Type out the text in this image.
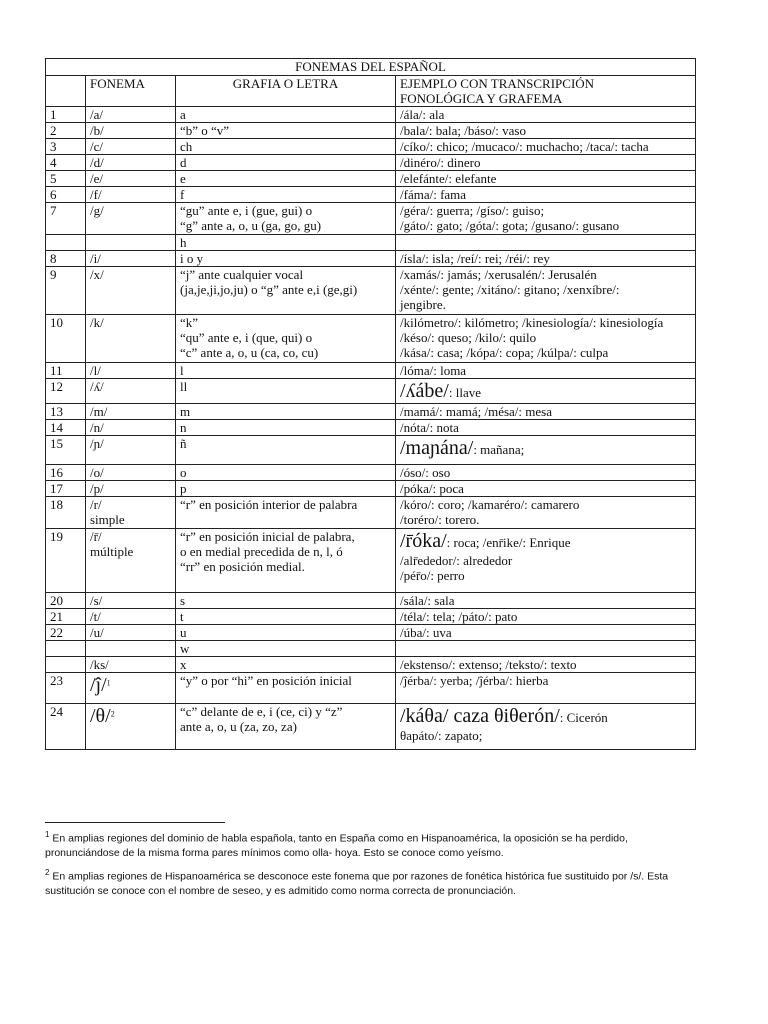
FONEMAS DEL ESPAÑOL			
	FONEMA	GRAFIA O LETRA	EJEMPLO CON TRANSCRIPCIÓN
FONOLÓGICA Y GRAFEMA

1	/a/	a	/ála/: ala
2	/b/	“b” o “v”	/bala/: bala; /báso/: vaso
3	/c/	ch	/cíko/: chico; /mucaco/: muchacho; /taca/: tacha
4	/d/	d	/dinéro/: dinero
5	/e/	e	/elefánte/: elefante
6	/f/	f	/fáma/: fama
7	/g/	“gu” ante e, i (gue, gui) o
“g” ante a, o, u (ga, go, gu)	/géra/: guerra; /gíso/: guiso;
/gáto/: gato; /góta/: gota; /gusano/: gusano
		h	
8	/i/	i o y	/ísla/: isla; /reí/: rei; /réi/: rey
9	/x/	“j” ante cualquier vocal
(ja,je,ji,jo,ju) o “g” ante e,i (ge,gi)	/xamás/: jamás; /xerusalén/: Jerusalén
/xénte/: gente; /xitáno/: gitano; /xenxíbre/:
jengibre.
10	/k/	“k”
“qu” ante e, i (que, qui) o
“c” ante a, o, u (ca, co, cu)	/kilómetro/: kilómetro; /kinesiología/: kinesiología
/késo/: queso; /kilo/: quilo
/kása/: casa; /kópa/: copa; /kúlpa/: culpa
11	/l/	l	/lóma/: loma
12	/ʎ/	ll	/ʎábe/: llave
13	/m/	m	/mamá/: mamá; /mésa/: mesa
14	/n/	n	/nóta/: nota
15	/ɲ/	ñ	/maɲána/: mañana;
16	/o/	o	/óso/: oso
17	/p/	p	/póka/: poca
18	/r/
simple	“r” en posición interior de palabra	/kóro/: coro; /kamaréro/: camarero
/toréro/: torero.
19	/r̄/
múltiple	“r” en posición inicial de palabra,
o en medial precedida de n, l, ó
“rr” en posición medial.	/r̄óka/: roca; /enr̄ike/: Enrique
/alr̄ededor/: alrededor
/pér̄o/: perro
20	/s/	s	/sála/: sala
21	/t/	t	/téla/: tela; /páto/: pato
22	/u/	u	/úba/: uva
		w	
	/ks/	x	/ekstenso/: extenso; /teksto/: texto
23	/ĵ/$^1$	“y” o por “hi” en posición inicial	/ĵérba/: yerba; /ĵérba/: hierba
24	/θ/$^2$	“c” delante de e, i (ce, ci) y “z”
ante a, o, u (za, zo, za)	/káθa/ caza θiθerón/: Cicerón
θapáto/: zapato;
$^1$ En amplias regiones del dominio de habla española, tanto en España como en Hispanoamérica, la oposición se ha perdido, pronunciándose de la misma forma pares mínimos como olla- hoya. Esto se conoce como yeísmo.
$^2$ En amplias regiones de Hispanoamérica se desconoce este fonema que por razones de fonética histórica fue sustituido por /s/. Esta sustitución se conoce con el nombre de seseo, y es admitido como norma correcta de pronunciación.
